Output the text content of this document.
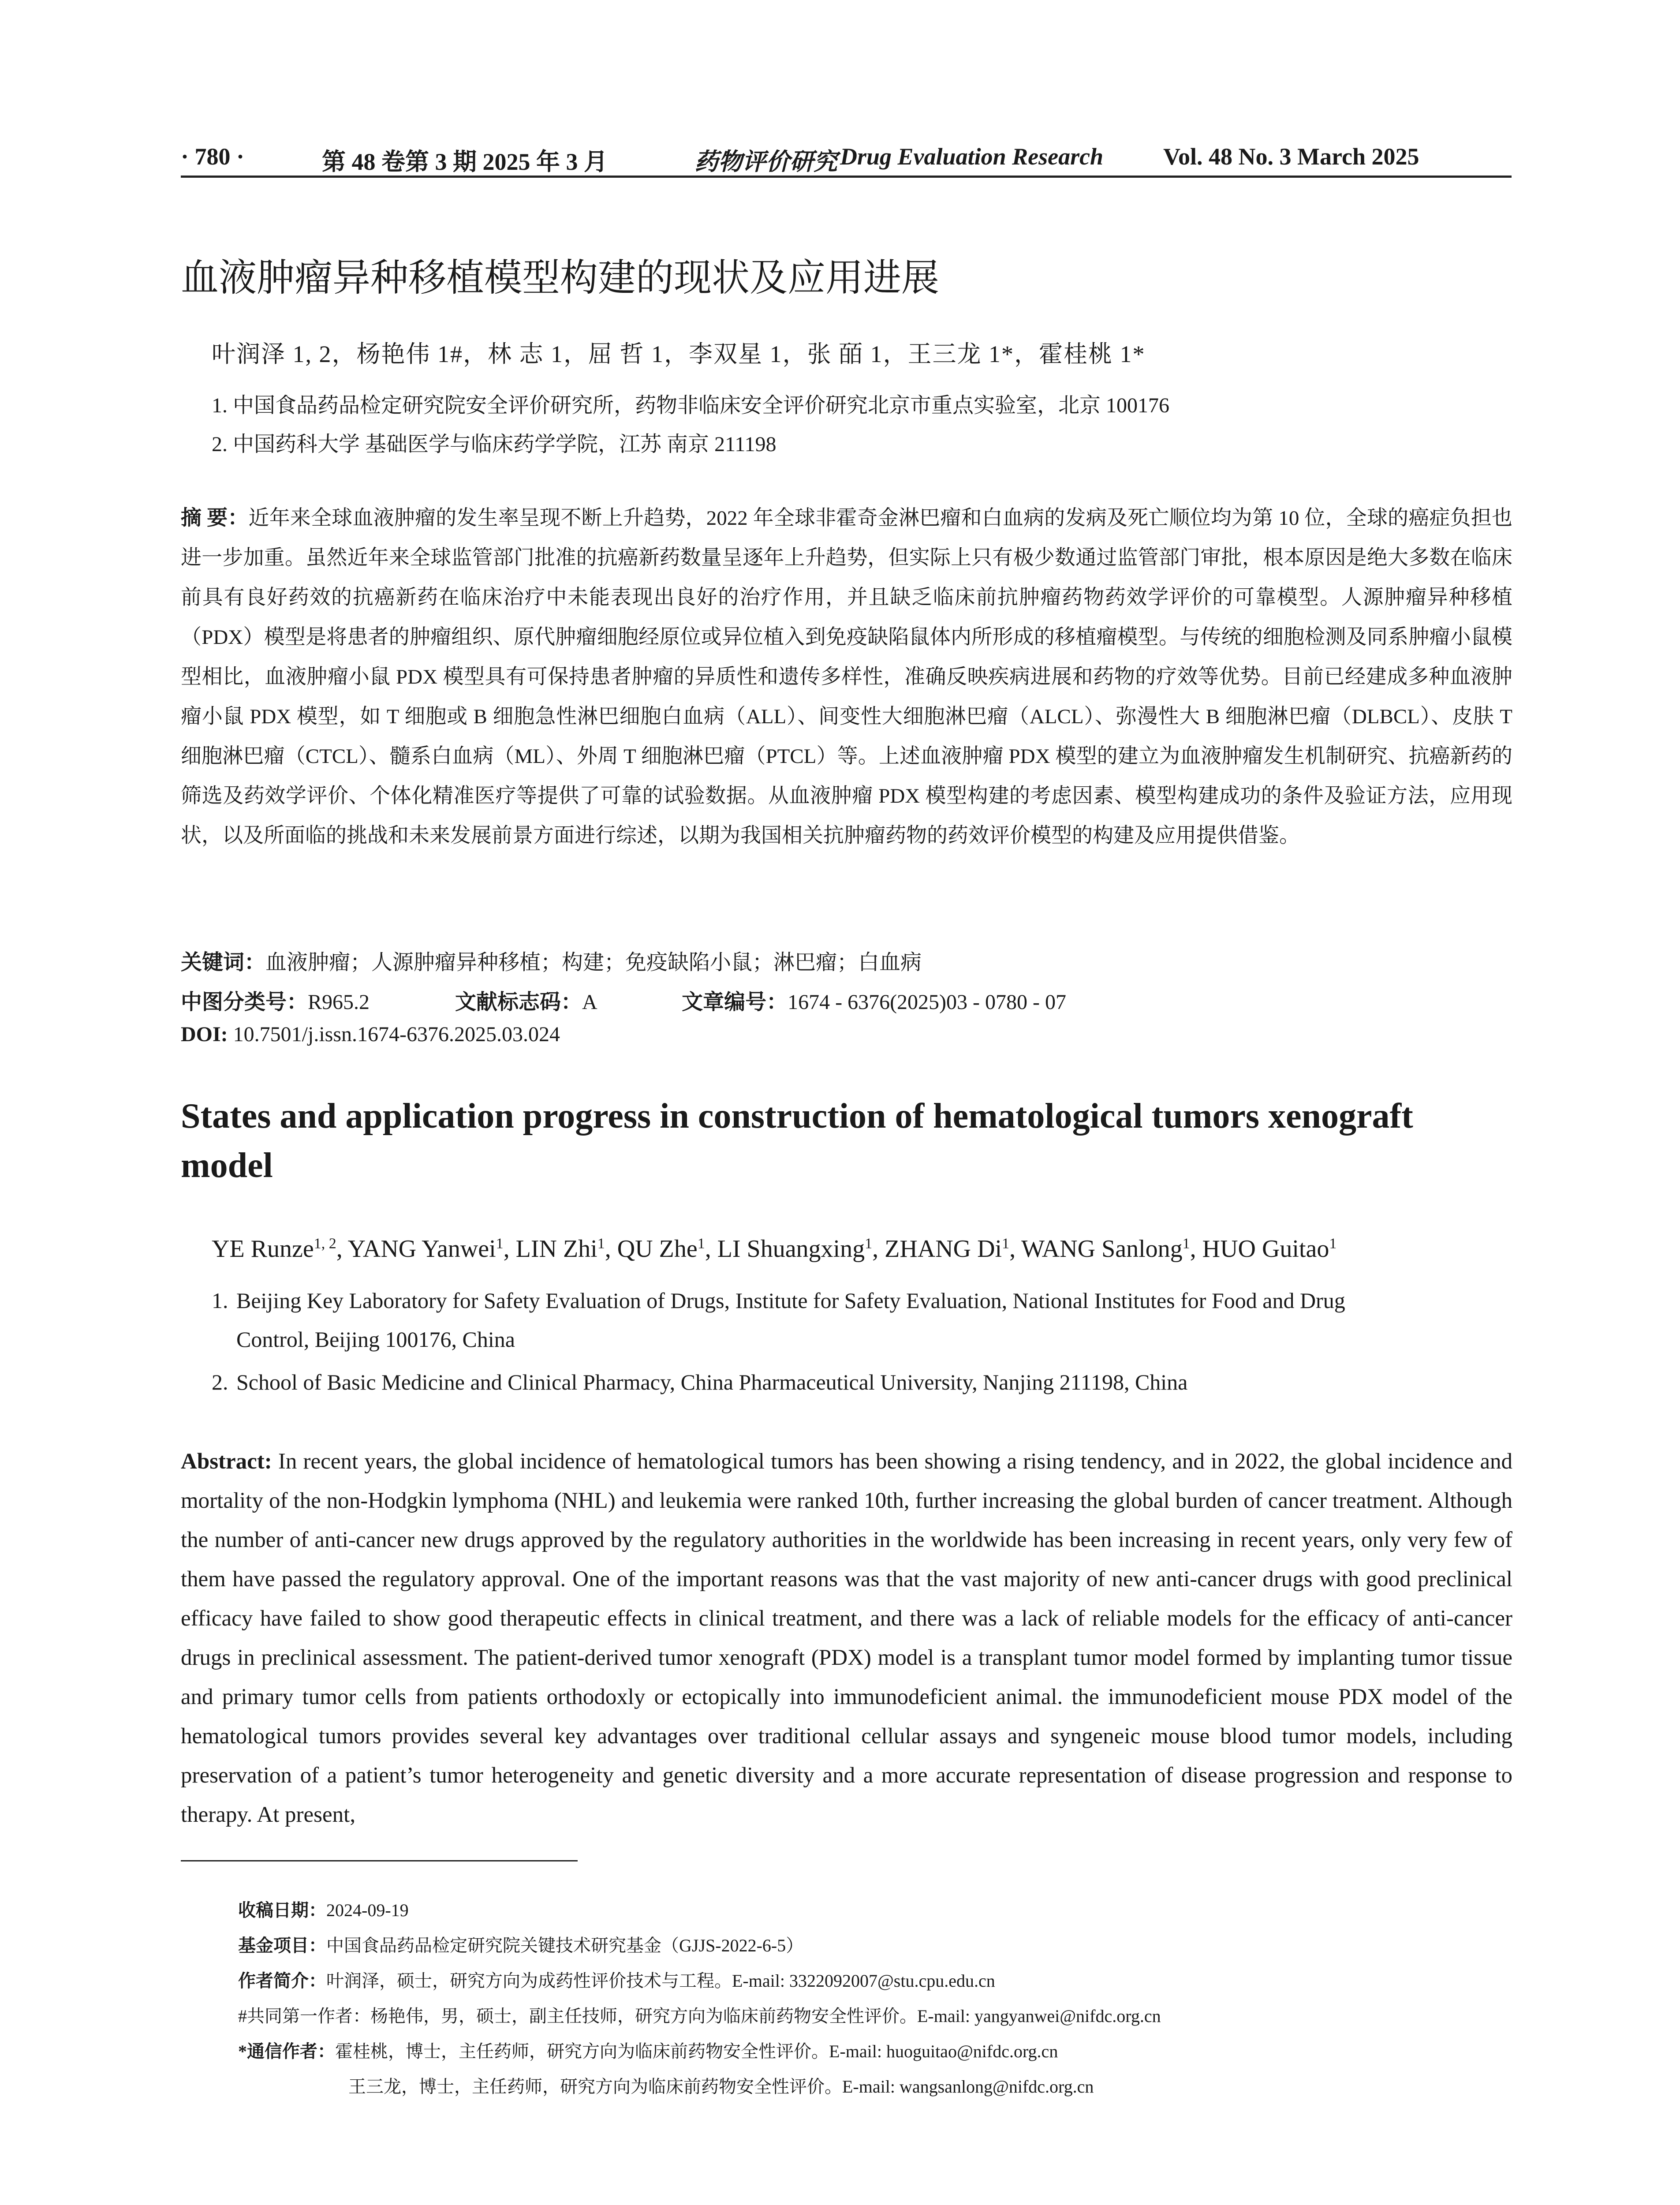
· 780 ·	第 48 卷第 3 期 2025 年 3 月	药物评价研究 Drug Evaluation Research	Vol. 48 No. 3 March 2025
血液肿瘤异种移植模型构建的现状及应用进展
叶润泽 1, 2，杨艳伟 1#，林 志 1，屈 哲 1，李双星 1，张 皕 1，王三龙 1*，霍桂桃 1*
1. 中国食品药品检定研究院安全评价研究所，药物非临床安全评价研究北京市重点实验室，北京 100176
2. 中国药科大学 基础医学与临床药学学院，江苏 南京 211198
摘 要：近年来全球血液肿瘤的发生率呈现不断上升趋势，2022 年全球非霍奇金淋巴瘤和白血病的发病及死亡顺位均为第 10 位，全球的癌症负担也进一步加重。虽然近年来全球监管部门批准的抗癌新药数量呈逐年上升趋势，但实际上只有极少数通过监管部门审批，根本原因是绝大多数在临床前具有良好药效的抗癌新药在临床治疗中未能表现出良好的治疗作用，并且缺乏临床前抗肿瘤药物药效学评价的可靠模型。人源肿瘤异种移植（PDX）模型是将患者的肿瘤组织、原代肿瘤细胞经原位或异位植入到免疫缺陷鼠体内所形成的移植瘤模型。与传统的细胞检测及同系肿瘤小鼠模型相比，血液肿瘤小鼠 PDX 模型具有可保持患者肿瘤的异质性和遗传多样性，准确反映疾病进展和药物的疗效等优势。目前已经建成多种血液肿瘤小鼠 PDX 模型，如 T 细胞或 B 细胞急性淋巴细胞白血病（ALL）、间变性大细胞淋巴瘤（ALCL）、弥漫性大 B 细胞淋巴瘤（DLBCL）、皮肤 T 细胞淋巴瘤（CTCL）、髓系白血病（ML）、外周 T 细胞淋巴瘤（PTCL）等。上述血液肿瘤 PDX 模型的建立为血液肿瘤发生机制研究、抗癌新药的筛选及药效学评价、个体化精准医疗等提供了可靠的试验数据。从血液肿瘤 PDX 模型构建的考虑因素、模型构建成功的条件及验证方法，应用现状，以及所面临的挑战和未来发展前景方面进行综述，以期为我国相关抗肿瘤药物的药效评价模型的构建及应用提供借鉴。
关键词：血液肿瘤；人源肿瘤异种移植；构建；免疫缺陷小鼠；淋巴瘤；白血病
中图分类号：R965.2	文献标志码：A	文章编号：1674 - 6376(2025)03 - 0780 - 07
DOI: 10.7501/j.issn.1674-6376.2025.03.024
States and application progress in construction of hematological tumors xenograft model
YE Runze$^{1, 2}$, YANG Yanwei$^1$, LIN Zhi$^1$, QU Zhe$^1$, LI Shuangxing$^1$, ZHANG Di$^1$, WANG Sanlong$^1$, HUO Guitao$^1$
1. Beijing Key Laboratory for Safety Evaluation of Drugs, Institute for Safety Evaluation, National Institutes for Food and Drug
Control, Beijing 100176, China
2. School of Basic Medicine and Clinical Pharmacy, China Pharmaceutical University, Nanjing 211198, China
Abstract: In recent years, the global incidence of hematological tumors has been showing a rising tendency, and in 2022, the global incidence and mortality of the non-Hodgkin lymphoma (NHL) and leukemia were ranked 10th, further increasing the global burden of cancer treatment. Although the number of anti-cancer new drugs approved by the regulatory authorities in the worldwide has been increasing in recent years, only very few of them have passed the regulatory approval. One of the important reasons was that the vast majority of new anti-cancer drugs with good preclinical efficacy have failed to show good therapeutic effects in clinical treatment, and there was a lack of reliable models for the efficacy of anti-cancer drugs in preclinical assessment. The patient-derived tumor xenograft (PDX) model is a transplant tumor model formed by implanting tumor tissue and primary tumor cells from patients orthodoxly or ectopically into immunodeficient animal. the immunodeficient mouse PDX model of the hematological tumors provides several key advantages over traditional cellular assays and syngeneic mouse blood tumor models, including preservation of a patient’s tumor heterogeneity and genetic diversity and a more accurate representation of disease progression and response to therapy. At present,
收稿日期：2024-09-19
基金项目：中国食品药品检定研究院关键技术研究基金（GJJS-2022-6-5）
作者简介：叶润泽，硕士，研究方向为成药性评价技术与工程。E-mail: 3322092007@stu.cpu.edu.cn
#共同第一作者：杨艳伟，男，硕士，副主任技师，研究方向为临床前药物安全性评价。E-mail: yangyanwei@nifdc.org.cn
*通信作者：霍桂桃，博士，主任药师，研究方向为临床前药物安全性评价。E-mail: huoguitao@nifdc.org.cn
王三龙，博士，主任药师，研究方向为临床前药物安全性评价。E-mail: wangsanlong@nifdc.org.cn
